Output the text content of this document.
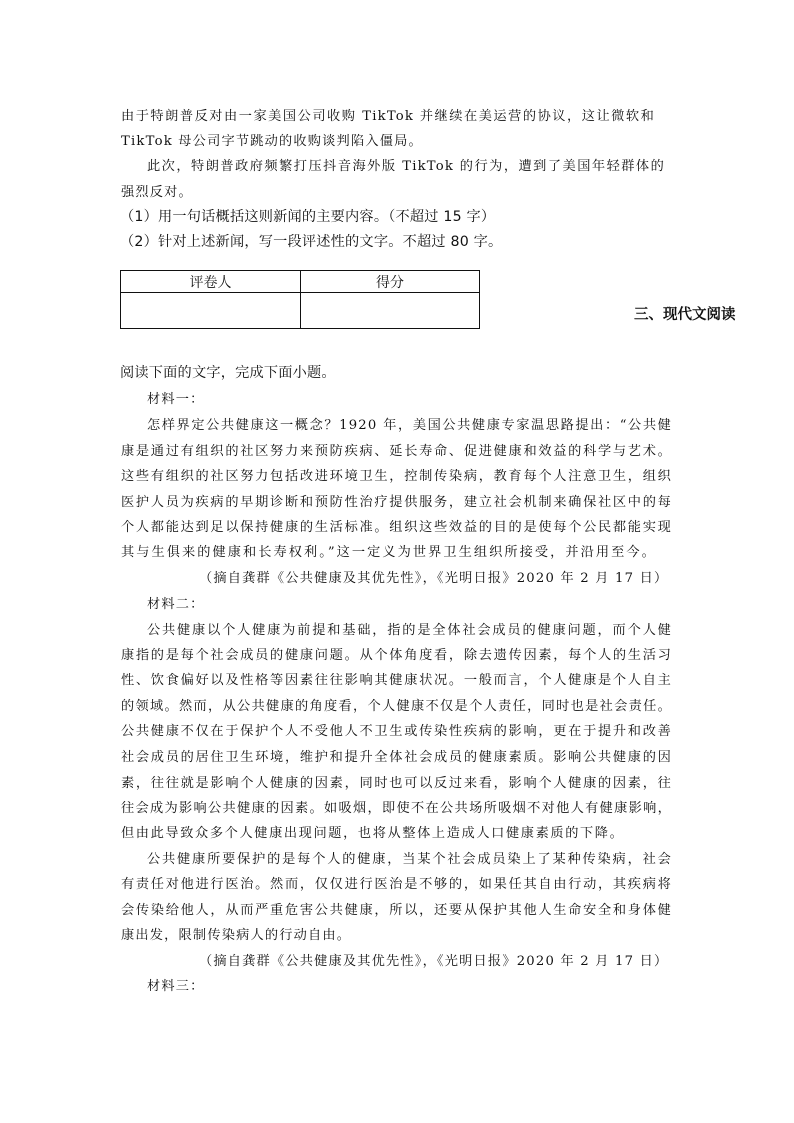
由于特朗普反对由一家美国公司收购 TikTok 并继续在美运营的协议，这让微软和
TikTok 母公司字节跳动的收购谈判陷入僵局。
此次，特朗普政府频繁打压抖音海外版 TikTok 的行为，遭到了美国年轻群体的
强烈反对。
（1）用一句话概括这则新闻的主要内容。（不超过 15 字）
（2）针对上述新闻，写一段评述性的文字。不超过 80 字。
评卷人	得分

三、现代文阅读
阅读下面的文字，完成下面小题。
材料一：
怎样界定公共健康这一概念？1920 年，美国公共健康专家温思路提出：“公共健
康是通过有组织的社区努力来预防疾病、延长寿命、促进健康和效益的科学与艺术。
这些有组织的社区努力包括改进环境卫生，控制传染病，教育每个人注意卫生，组织
医护人员为疾病的早期诊断和预防性治疗提供服务，建立社会机制来确保社区中的每
个人都能达到足以保持健康的生活标准。组织这些效益的目的是使每个公民都能实现
其与生俱来的健康和长寿权利。”这一定义为世界卫生组织所接受，并沿用至今。
（摘自龚群《公共健康及其优先性》，《光明日报》2020 年 2 月 17 日）
材料二：
公共健康以个人健康为前提和基础，指的是全体社会成员的健康问题，而个人健
康指的是每个社会成员的健康问题。从个体角度看，除去遗传因素，每个人的生活习
性、饮食偏好以及性格等因素往往影响其健康状况。一般而言，个人健康是个人自主
的领域。然而，从公共健康的角度看，个人健康不仅是个人责任，同时也是社会责任。
公共健康不仅在于保护个人不受他人不卫生或传染性疾病的影响，更在于提升和改善
社会成员的居住卫生环境，维护和提升全体社会成员的健康素质。影响公共健康的因
素，往往就是影响个人健康的因素，同时也可以反过来看，影响个人健康的因素，往
往会成为影响公共健康的因素。如吸烟，即使不在公共场所吸烟不对他人有健康影响，
但由此导致众多个人健康出现问题，也将从整体上造成人口健康素质的下降。
公共健康所要保护的是每个人的健康，当某个社会成员染上了某种传染病，社会
有责任对他进行医治。然而，仅仅进行医治是不够的，如果任其自由行动，其疾病将
会传染给他人，从而严重危害公共健康，所以，还要从保护其他人生命安全和身体健
康出发，限制传染病人的行动自由。
（摘自龚群《公共健康及其优先性》，《光明日报》2020 年 2 月 17 日）
材料三：
